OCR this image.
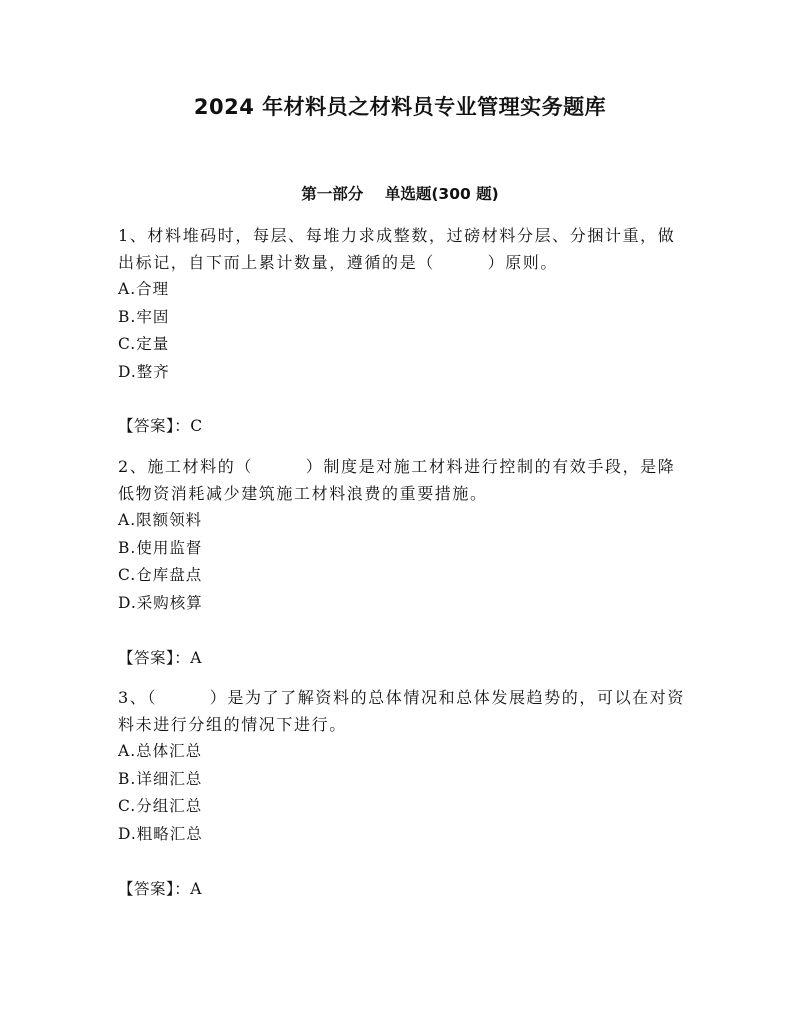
2024 年材料员之材料员专业管理实务题库
第一部分    单选题(300 题)

1、材料堆码时，每层、每堆力求成整数，过磅材料分层、分捆计重，做出标记，自下而上累计数量，遵循的是（　　　）原则。

A.合理

B.牢固

C.定量

D.整齐

【答案】：C

2、施工材料的（　　　）制度是对施工材料进行控制的有效手段，是降低物资消耗减少建筑施工材料浪费的重要措施。

A.限额领料

B.使用监督

C.仓库盘点

D.采购核算

【答案】：A

3、（　　　）是为了了解资料的总体情况和总体发展趋势的，可以在对资料未进行分组的情况下进行。

A.总体汇总

B.详细汇总

C.分组汇总

D.粗略汇总

【答案】：A
